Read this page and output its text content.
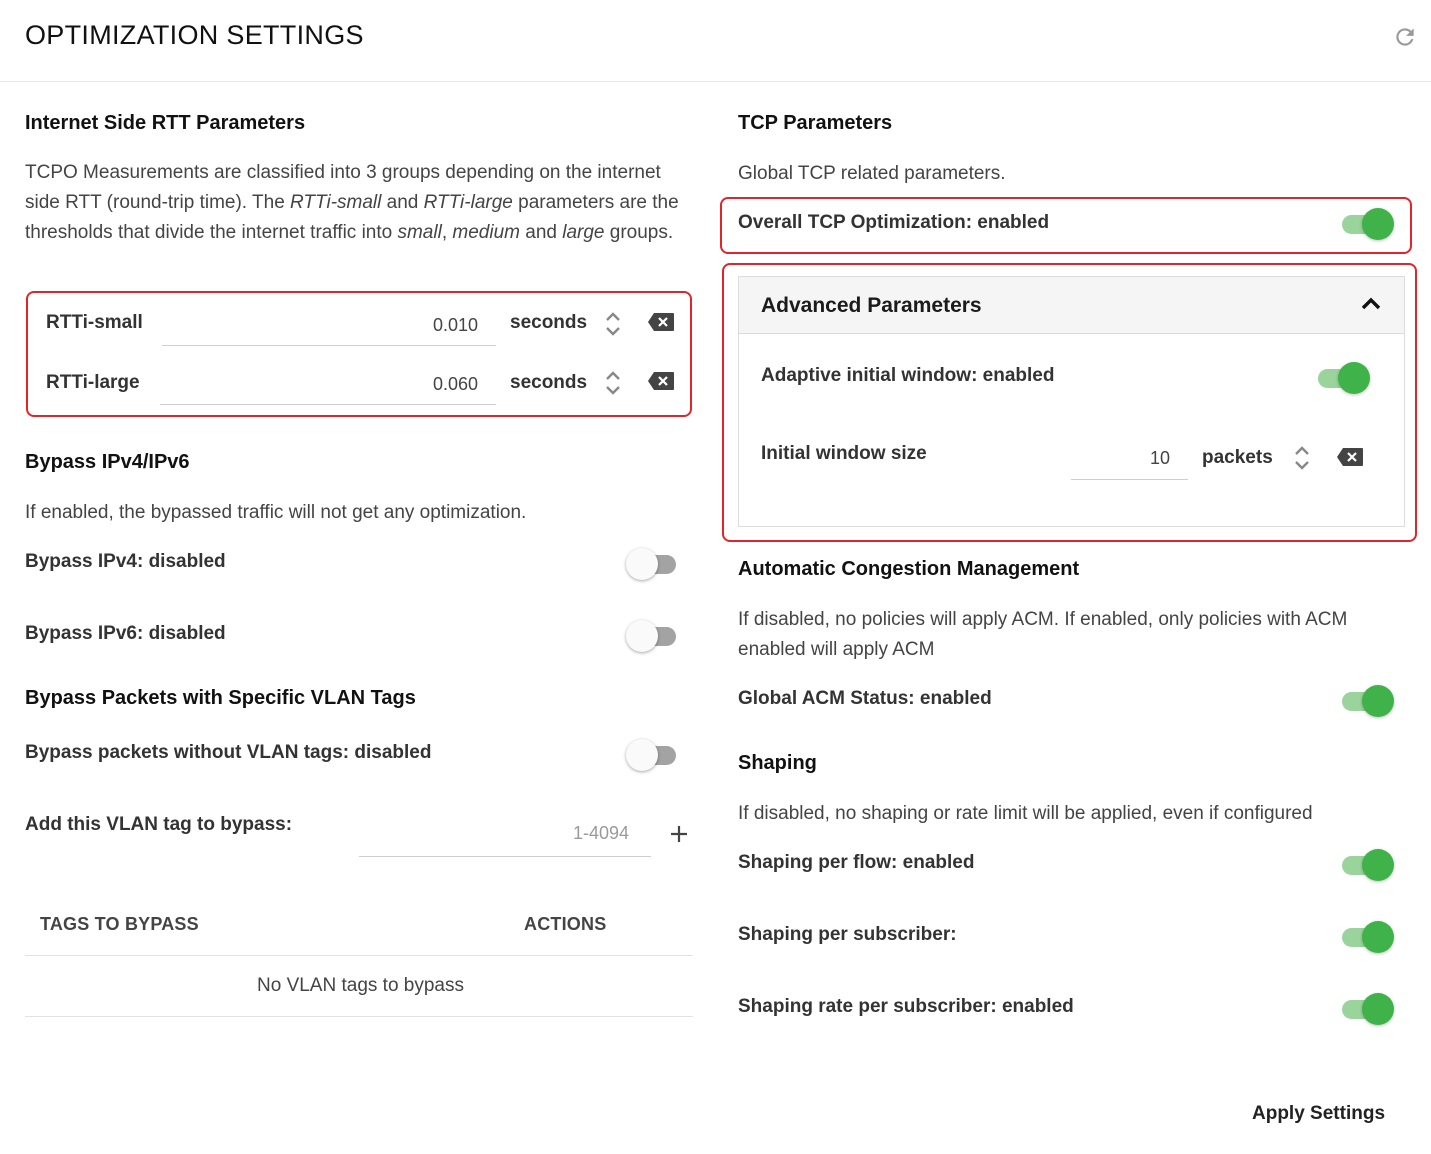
OPTIMIZATION SETTINGS
Internet Side RTT Parameters
TCPO Measurements are classified into 3 groups depending on the internet side RTT (round-trip time). The RTTi-small and RTTi-large parameters are the thresholds that divide the internet traffic into small, medium and large groups.
RTTi-small
0.010	seconds
RTTi-large
0.060	seconds
Bypass IPv4/IPv6
If enabled, the bypassed traffic will not get any optimization.
Bypass IPv4: disabled
Bypass IPv6: disabled
Bypass Packets with Specific VLAN Tags
Bypass packets without VLAN tags: disabled
Add this VLAN tag to bypass:
1-4094
TAGS TO BYPASS	ACTIONS
No VLAN tags to bypass
TCP Parameters
Global TCP related parameters.
Overall TCP Optimization: enabled
Advanced Parameters
Adaptive initial window: enabled
Initial window size
10	packets
Automatic Congestion Management
If disabled, no policies will apply ACM. If enabled, only policies with ACM enabled will apply ACM
Global ACM Status: enabled
Shaping
If disabled, no shaping or rate limit will be applied, even if configured
Shaping per flow: enabled
Shaping per subscriber:
Shaping rate per subscriber: enabled
Apply Settings
